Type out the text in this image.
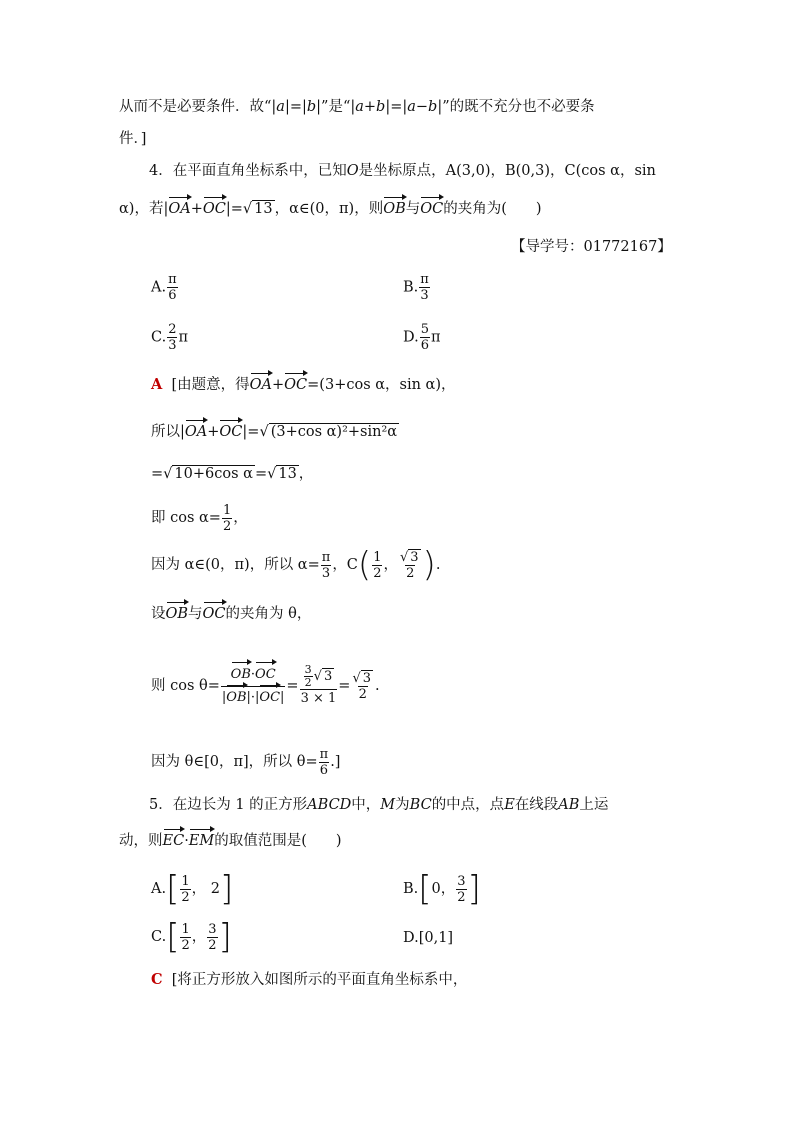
从而不是必要条件．故“|a|=|b|”是“|a+b|=|a−b|”的既不充分也不必要条
件．]
4．在平面直角坐标系中，已知O是坐标原点，A(3,0)，B(0,3)，C(cos α，sin
α)，若|OA+OC|=√ 13 ，α∈(0，π)，则OB与OC的夹角为(　　)
【导学号：01772167】
A. $\frac{\pi}{6}$	B. $\frac{\pi}{3}$
C. $\frac{2}{3}$ π	D. $\frac{5}{6}$ π
A [由题意，得OA+OC=(3+cos α，sin α)，
所以|OA+OC|=√ (3+cos α)²+sin²α
=√ 10+6cos α =√ 13 ，
即 $\cos \alpha= \frac{1}{2}$ ，
因为 α∈(0，π)，所以 $\alpha= \frac{\pi}{3}$ ，$C( \frac{1}{2}$ ， $\frac{√ 3}{2}$ ).
设OB与OC的夹角为 θ，
则 $\cos \theta= \frac{OB\cdot OC}{|OB|\cdot|OC|} = \frac{\frac{3}{2} √ 3}{3 \times 1} = \frac{√ 3}{2}$ .
因为 θ∈[0，π]，所以 $\theta= \frac{\pi}{6}$ .]
5．在边长为 1 的正方形ABCD中，M为BC的中点，点E在线段AB上运
动，则EC·EM的取值范围是(　　)
$A.[ \frac{1}{2}$ ， 2]	B.[0， $\frac{3}{2}$ ]
$C.[ \frac{1}{2}$ ， $\frac{3}{2}$ ]	D.[0,1]
C [将正方形放入如图所示的平面直角坐标系中，
